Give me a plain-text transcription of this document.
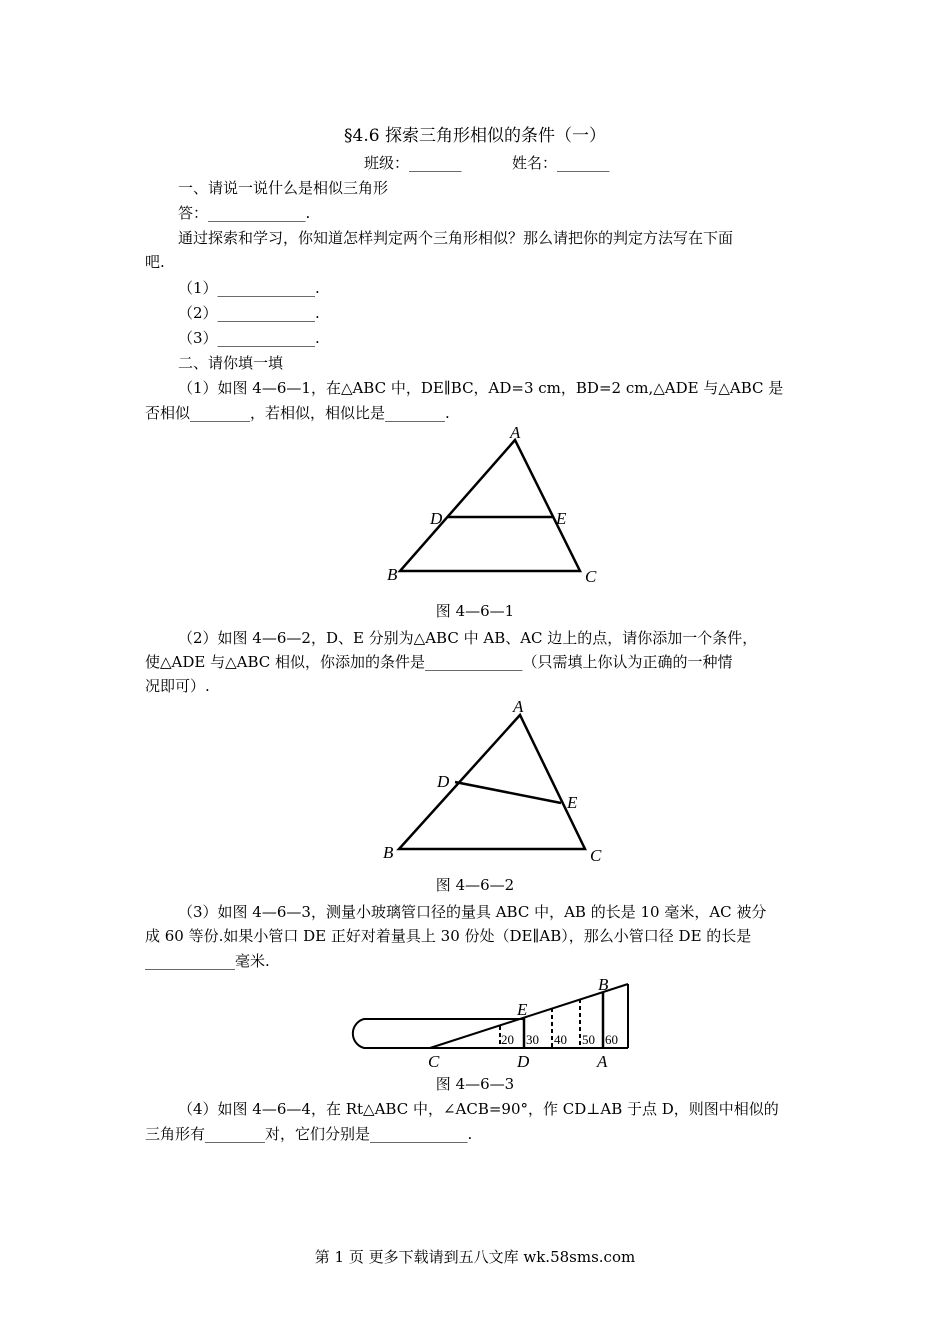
§4.6 探索三角形相似的条件（一）
班级：_______	姓名：_______
一、请说一说什么是相似三角形
答：_____________.
通过探索和学习，你知道怎样判定两个三角形相似？那么请把你的判定方法写在下面
吧.
（1）_____________.
（2）_____________.
（3）_____________.
二、请你填一填
（1）如图 4—6—1，在△ABC 中，DE∥BC，AD=3 cm，BD=2 cm,△ADE 与△ABC 是
否相似________，若相似，相似比是________.
A
B	C
D	E
图 4—6—1
（2）如图 4—6—2，D、E 分别为△ABC 中 AB、AC 边上的点，请你添加一个条件，
使△ADE 与△ABC 相似，你添加的条件是_____________（只需填上你认为正确的一种情
况即可）.
A
B	C
D
E
图 4—6—2
（3）如图 4—6—3，测量小玻璃管口径的量具 ABC 中，AB 的长是 10 毫米，AC 被分
成 60 等份.如果小管口 DE 正好对着量具上 30 份处（DE∥AB），那么小管口径 DE 的长是
____________毫米.
20 30 40 50 60
B
E
C	D	A
图 4—6—3
（4）如图 4—6—4，在 Rt△ABC 中，∠ACB=90°，作 CD⊥AB 于点 D，则图中相似的
三角形有________对，它们分别是_____________.
第 1 页 更多下载请到五八文库 wk.58sms.com
